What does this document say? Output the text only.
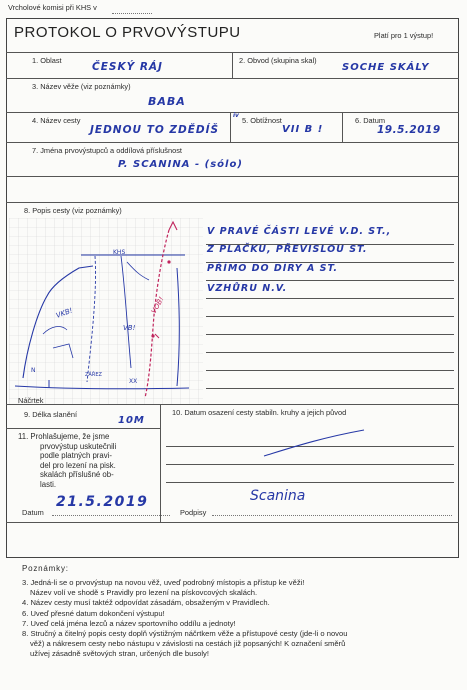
Vrcholové komisi při KHS v
PROTOKOL O PRVOVÝSTUPU	Platí pro 1 výstup!
1. Oblast
ČESKÝ RÁJ
2. Obvod (skupina skal)
SOCHE SKÁLY
3. Název věže (viz poznámky)
BABA
4. Název cesty
JEDNOU TO ZDĚDÍŠ
iv
5. Obtížnost
VII B !
6. Datum
19.5.2019
7. Jména prvovýstupců a oddílová příslušnost
P. SCANINA - (sólo)
8. Popis cesty (viz poznámky)
KHS
VKB!
VB!
VOB!
XX
ZÁŘEZ
N
Náčrtek
V PRAVÉ ČÁSTI LEVÉ V.D. ST.,
Z PLAČKU, PŘEVISLOU ST.
PŘÍMO DO DÍRY A ST.
VZHŮRU N.V.
9. Délka slanění
10M
10. Datum osazení cesty stabiln. kruhy a jejich původ
11. Prohlašujeme, že jsme
prvovýstup uskutečnili
podle platných pravi-
del pro lezení na pisk.
skalách příslušné ob-
lasti.
Datum
21.5.2019
Podpisy
Scanina
Poznámky:
3. Jedná-li se o prvovýstup na novou věž, uveď podrobný místopis a přístup ke věži!
Název volí ve shodě s Pravidly pro lezení na pískovcových skalách.
4. Název cesty musí taktéž odpovídat zásadám, obsaženým v Pravidlech.
6. Uveď přesné datum dokončení výstupu!
7. Uveď celá jména lezců a název sportovního oddílu a jednoty!
8. Stručný a čitelný popis cesty doplň výstižným náčrtkem věže a přístupové cesty (jde-li o novou
věž) a nákresem cesty nebo nástupu v závislosti na cestách již popsaných! K označení směrů
užívej zásadně světových stran, určených dle busoly!
